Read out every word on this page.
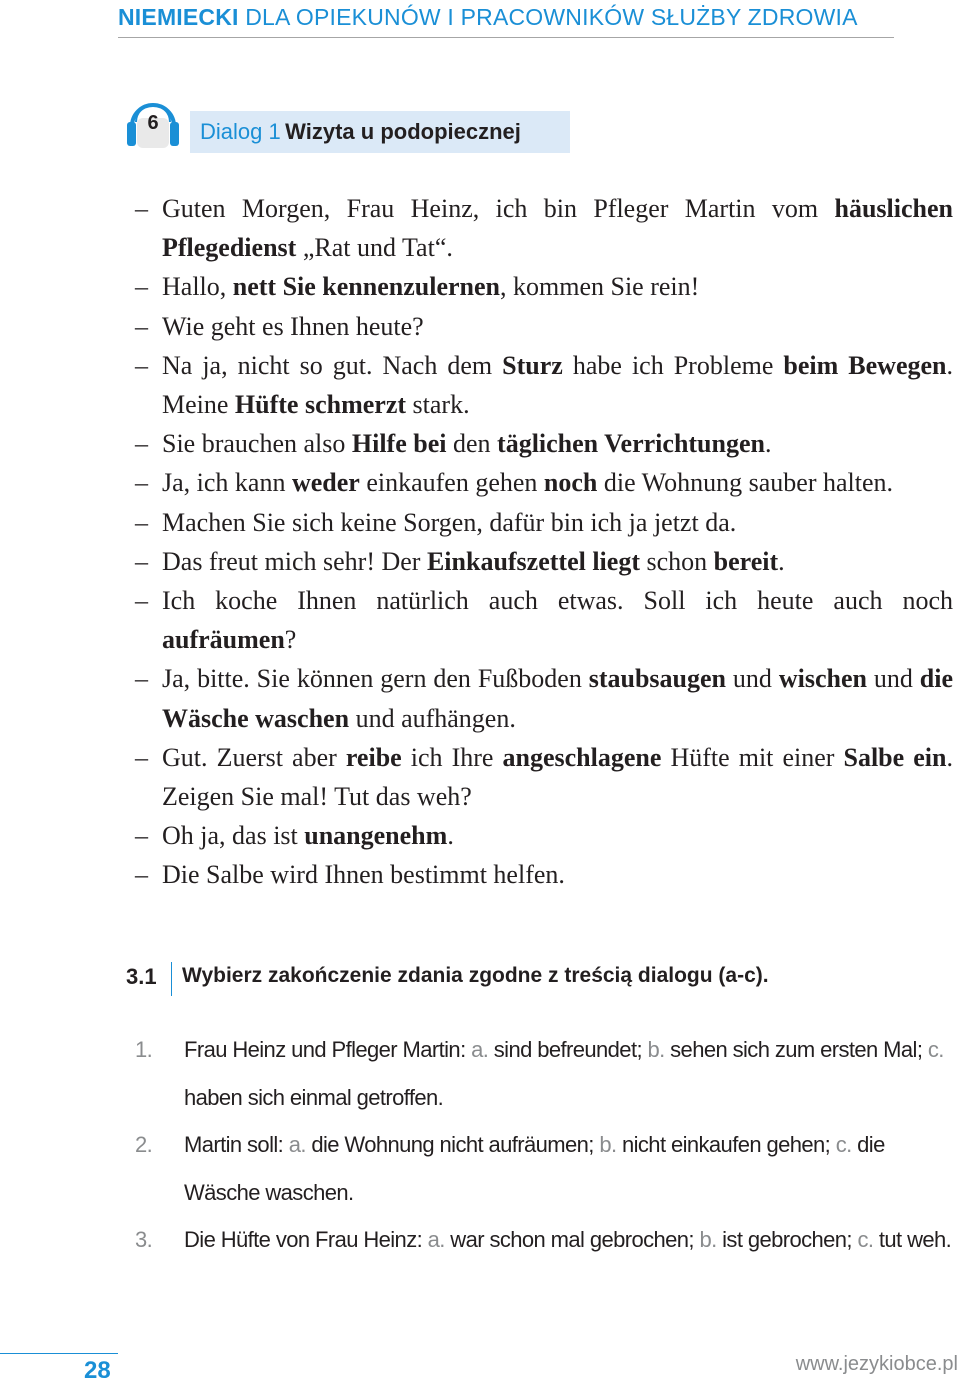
NIEMIECKI DLA OPIEKUNÓW I PRACOWNIKÓW SŁUŻBY ZDROWIA
6	Dialog 1 Wizyta u podopiecznej
– Guten Morgen, Frau Heinz, ich bin Pfleger Martin vom häuslichen Pflegedienst „Rat und Tat“.
– Hallo, nett Sie kennenzulernen, kommen Sie rein!
– Wie geht es Ihnen heute?
– Na ja, nicht so gut. Nach dem Sturz habe ich Probleme beim Bewegen. Meine Hüfte schmerzt stark.
– Sie brauchen also Hilfe bei den täglichen Verrichtungen.
– Ja, ich kann weder einkaufen gehen noch die Wohnung sauber halten.
– Machen Sie sich keine Sorgen, dafür bin ich ja jetzt da.
– Das freut mich sehr! Der Einkaufszettel liegt schon bereit.
– Ich koche Ihnen natürlich auch etwas. Soll ich heute auch noch aufräumen?
– Ja, bitte. Sie können gern den Fußboden staubsaugen und wischen und die Wäsche waschen und aufhängen.
– Gut. Zuerst aber reibe ich Ihre angeschlagene Hüfte mit einer Salbe ein. Zeigen Sie mal! Tut das weh?
– Oh ja, das ist unangenehm.
– Die Salbe wird Ihnen bestimmt helfen.
3.1 Wybierz zakończenie zdania zgodne z treścią dialogu (a-c).
1. Frau Heinz und Pfleger Martin: a. sind befreundet; b. sehen sich zum ersten Mal; c. haben sich einmal getroffen.
2. Martin soll: a. die Wohnung nicht aufräumen; b. nicht einkaufen gehen; c. die Wäsche waschen.
3. Die Hüfte von Frau Heinz: a. war schon mal gebrochen; b. ist gebrochen; c. tut weh.
28	www.jezykiobce.pl
